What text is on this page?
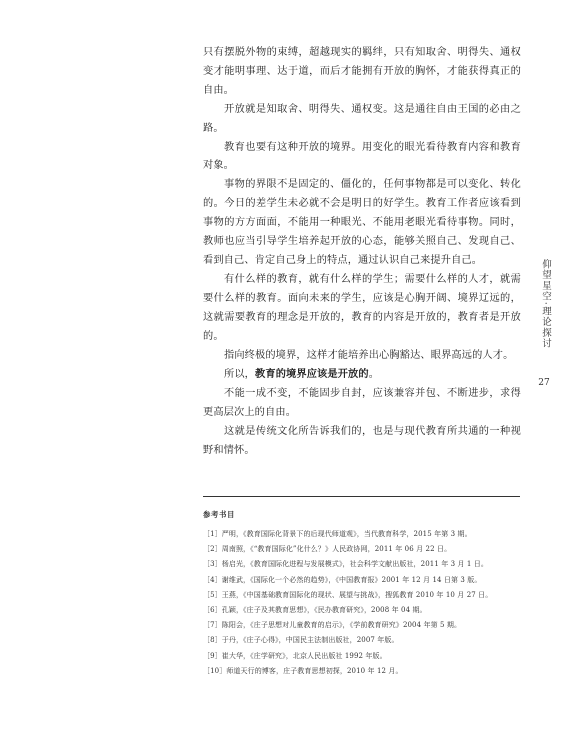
只有摆脱外物的束缚，超越现实的羁绊，只有知取舍、明得失、通权变才能明事理、达于道，而后才能拥有开放的胸怀，才能获得真正的自由。

开放就是知取舍、明得失、通权变。这是通往自由王国的必由之路。

教育也要有这种开放的境界。用变化的眼光看待教育内容和教育对象。

事物的界限不是固定的、僵化的，任何事物都是可以变化、转化的。今日的差学生未必就不会是明日的好学生。教育工作者应该看到事物的方方面面，不能用一种眼光、不能用老眼光看待事物。同时，教师也应当引导学生培养起开放的心态，能够关照自己、发现自己、看到自己、肯定自己身上的特点，通过认识自己来提升自己。

有什么样的教育，就有什么样的学生；需要什么样的人才，就需要什么样的教育。面向未来的学生，应该是心胸开阔、境界辽远的，这就需要教育的理念是开放的，教育的内容是开放的，教育者是开放的。

指向终极的境界，这样才能培养出心胸豁达、眼界高远的人才。

所以，教育的境界应该是开放的。

不能一成不变，不能固步自封，应该兼容并包、不断进步，求得更高层次上的自由。

这就是传统文化所告诉我们的，也是与现代教育所共通的一种视野和情怀。

仰望星空·理论探讨
27
参考书目
［1］严明，《教育国际化背景下的后现代师道观》，当代教育科学，2015 年第 3 期。
［2］周南照，《“教育国际化”化什么？》人民政协网，2011 年 06 月 22 日。
［3］杨启光，《教育国际化进程与发展模式》，社会科学文献出版社，2011 年 3 月 1 日。
［4］谢维武，《国际化一个必然的趋势》，《中国教育报》2001 年 12 月 14 日第 3 版。
［5］王燕，《中国基础教育国际化的现状、展望与挑战》，搜狐教育 2010 年 10 月 27 日。
［6］孔颖，《庄子及其教育思想》，《民办教育研究》，2008 年 04 期。
［7］陈阳会，《庄子思想对儿童教育的启示》，《学前教育研究》2004 年第 5 期。
［8］于丹，《庄子心得》，中国民主法制出版社，2007 年版。
［9］崔大华，《庄学研究》，北京人民出版社 1992 年版。
［10］师道天行的博客，庄子教育思想初探，2010 年 12 月。
